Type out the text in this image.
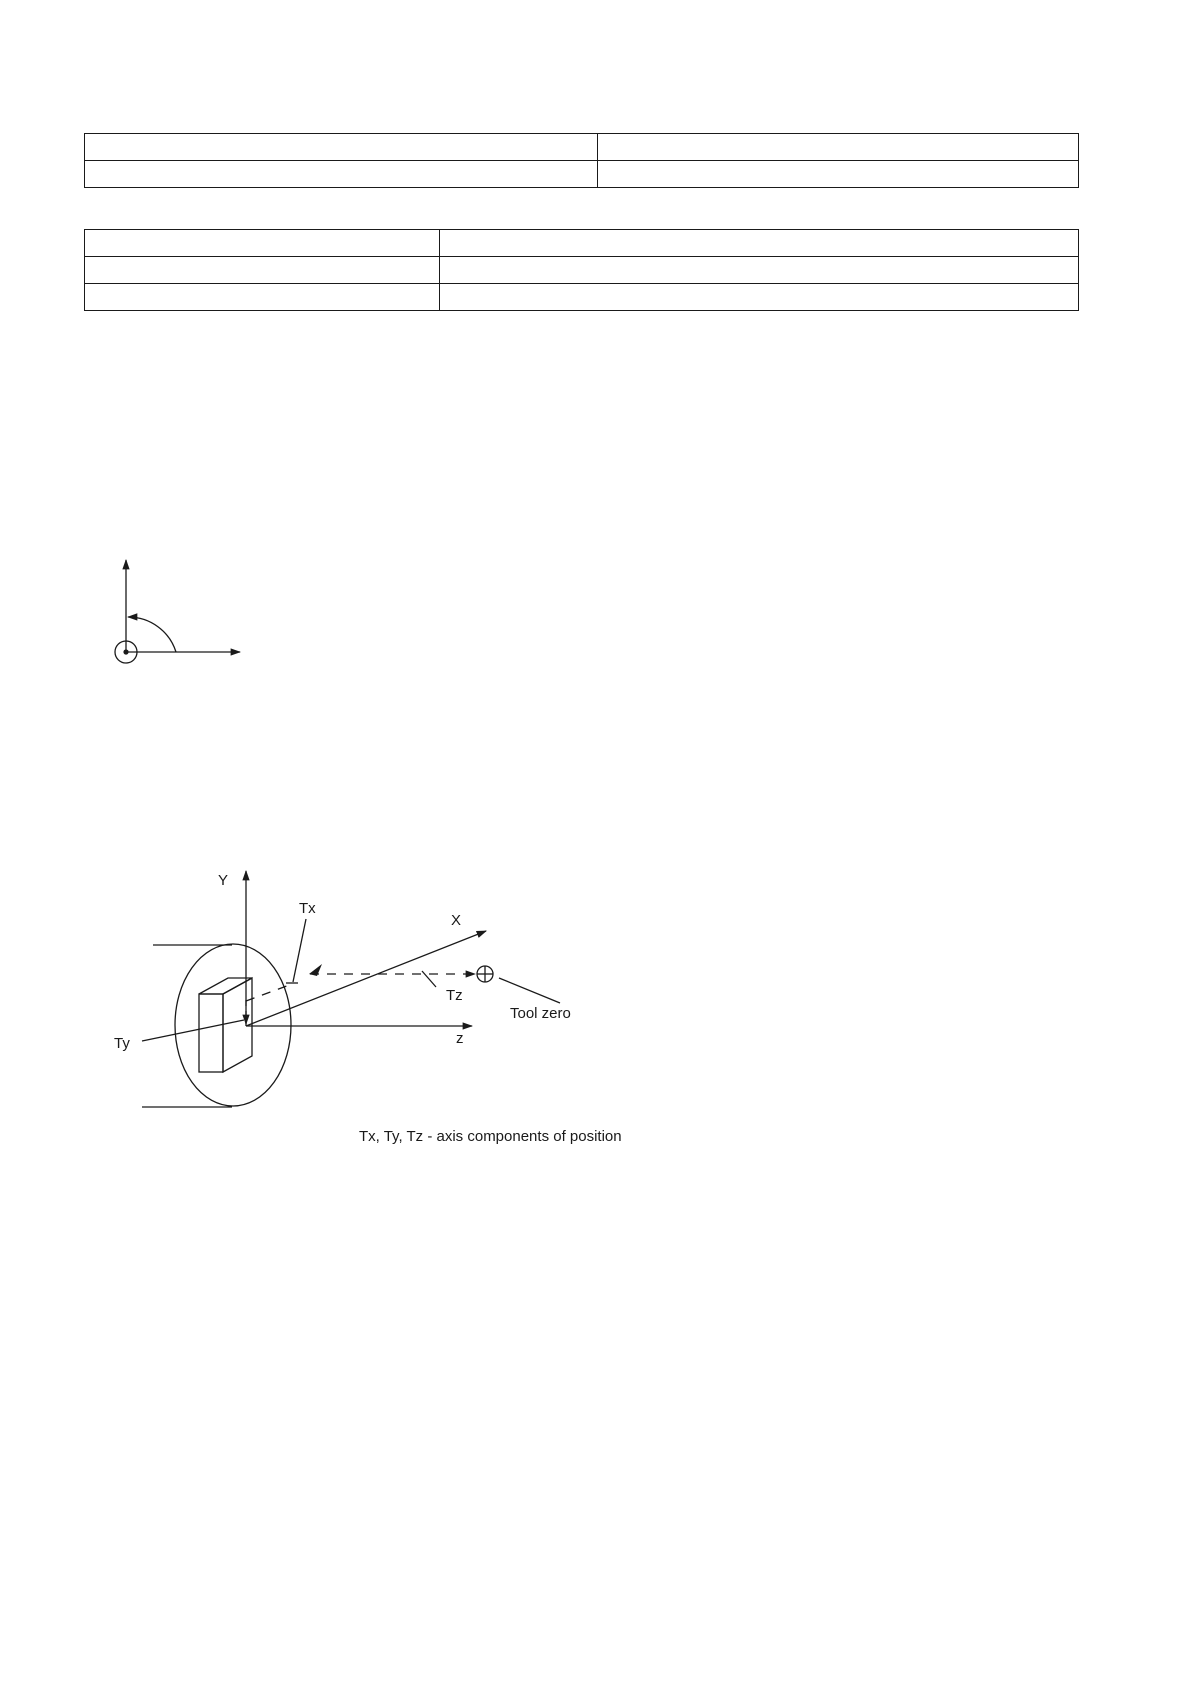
Y
Tx
X
Tz
Tool zero
z
Ty
Tx, Ty, Tz - axis components of position
